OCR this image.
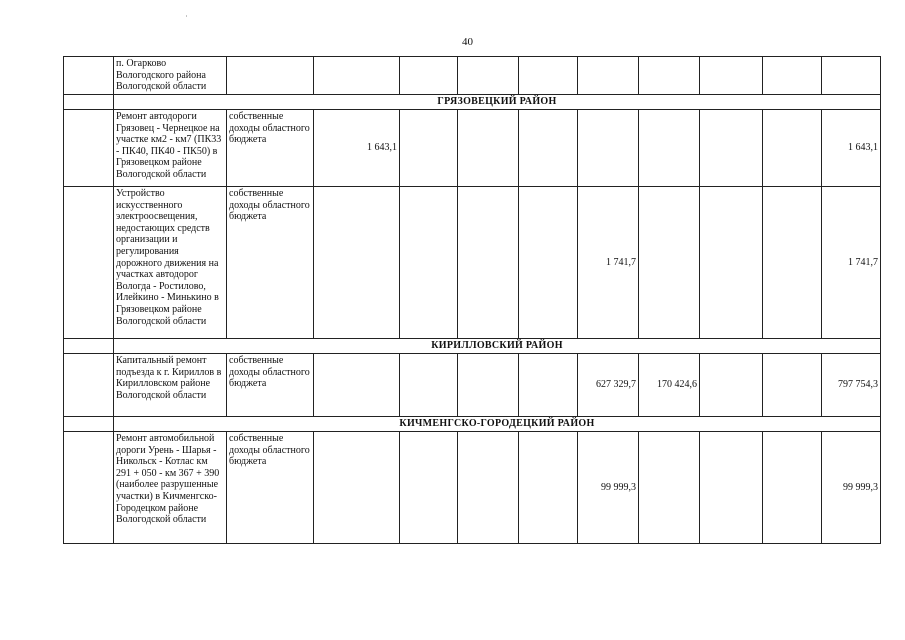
40
	п. Огарково Вологодского района Вологодской области										
	ГРЯЗОВЕЦКИЙ РАЙОН										
	Ремонт автодороги Грязовец - Чернецкое на участке км2 - км7 (ПК33 - ПК40, ПК40 - ПК50) в Грязовецком районе Вологодской области	собственные доходы областного бюджета	1 643,1								1 643,1
	Устройство искусственного электроосвещения, недостающих средств организации и регулирования дорожного движения на участках автодорог Вологда - Ростилово, Илейкино - Минькино в Грязовецком районе Вологодской области	собственные доходы областного бюджета					1 741,7				1 741,7
	КИРИЛЛОВСКИЙ РАЙОН										
	Капитальный ремонт подъезда к г. Кириллов в Кирилловском районе Вологодской области	собственные доходы областного бюджета					627 329,7	170 424,6			797 754,3
	КИЧМЕНГСКО-ГОРОДЕЦКИЙ РАЙОН										
	Ремонт автомобильной дороги Урень - Шарья - Никольск - Котлас км 291 + 050 - км 367 + 390 (наиболее разрушенные участки) в Кичменгско-Городецком районе Вологодской области	собственные доходы областного бюджета					99 999,3				99 999,3
˙
